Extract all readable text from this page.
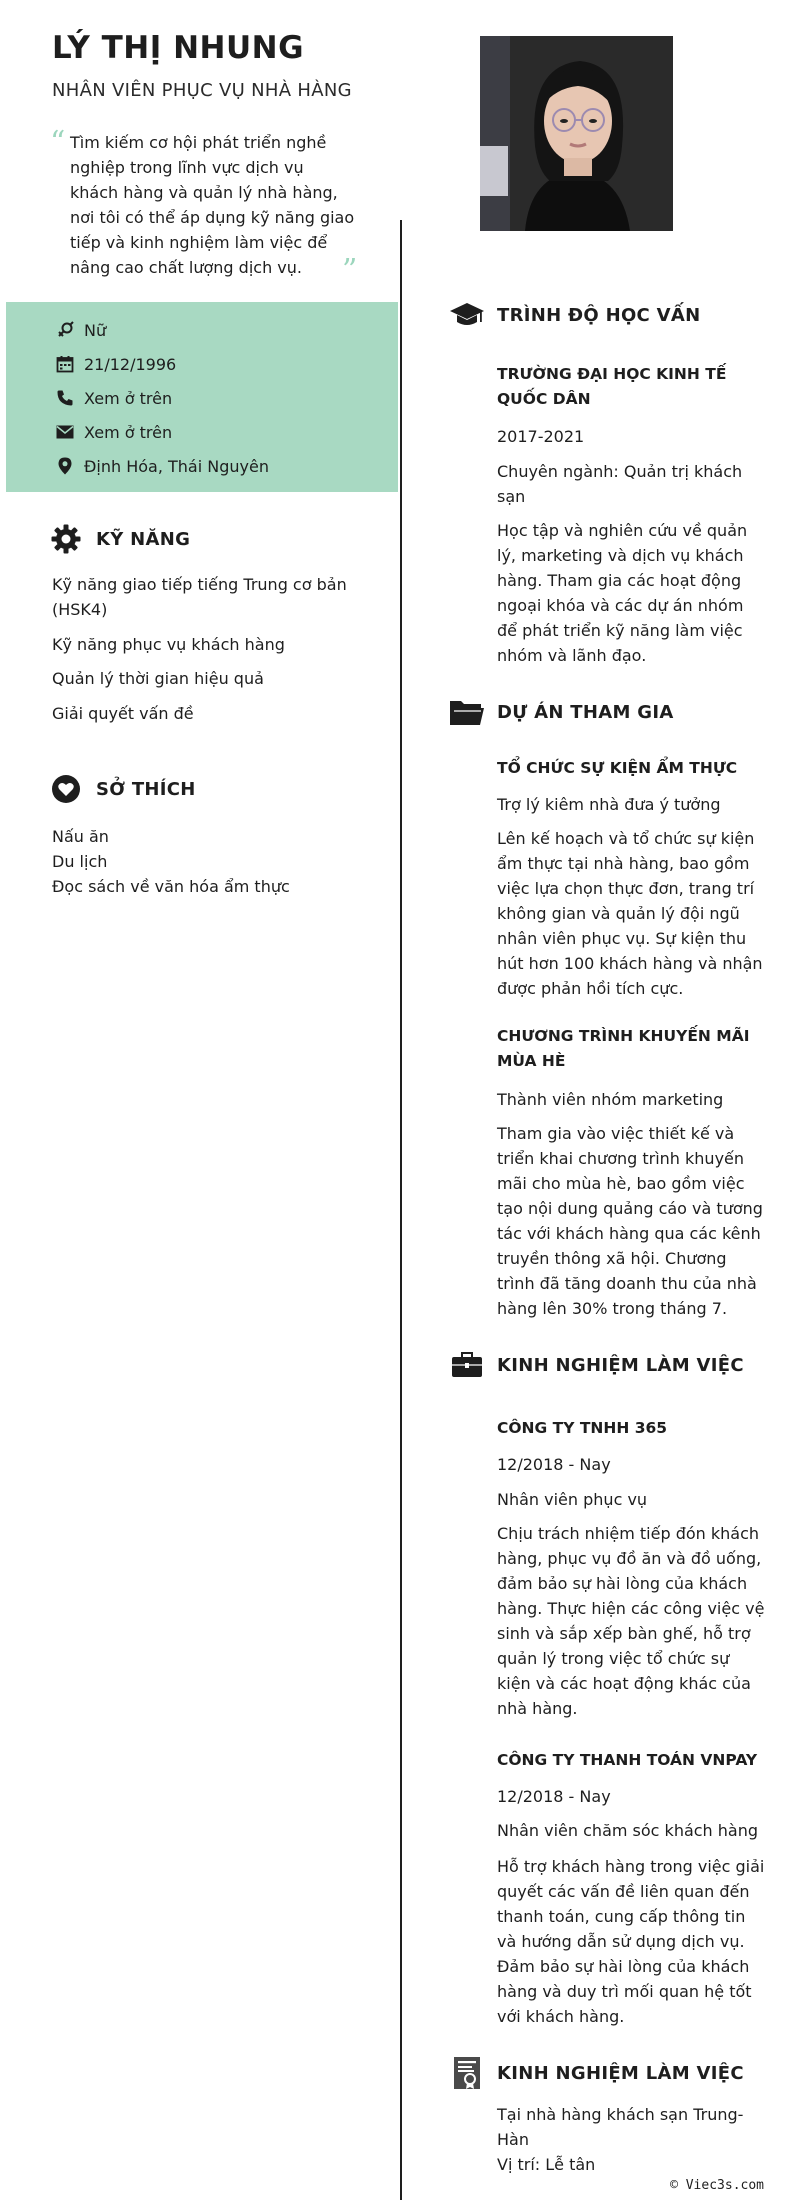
LÝ THỊ NHUNG
NHÂN VIÊN PHỤC VỤ NHÀ HÀNG
“ Tìm kiếm cơ hội phát triển nghề nghiệp trong lĩnh vực dịch vụ khách hàng và quản lý nhà hàng, nơi tôi có thể áp dụng kỹ năng giao tiếp và kinh nghiệm làm việc để nâng cao chất lượng dịch vụ.	”
Nữ
21/12/1996
Xem ở trên
Xem ở trên
Định Hóa, Thái Nguyên
KỸ NĂNG
Kỹ năng giao tiếp tiếng Trung cơ bản (HSK4)
Kỹ năng phục vụ khách hàng
Quản lý thời gian hiệu quả
Giải quyết vấn đề
SỞ THÍCH
Nấu ăn
Du lịch
Đọc sách về văn hóa ẩm thực
TRÌNH ĐỘ HỌC VẤN
TRƯỜNG ĐẠI HỌC KINH TẾ QUỐC DÂN
2017-2021
Chuyên ngành: Quản trị khách sạn
Học tập và nghiên cứu về quản lý, marketing và dịch vụ khách hàng. Tham gia các hoạt động ngoại khóa và các dự án nhóm để phát triển kỹ năng làm việc nhóm và lãnh đạo.
DỰ ÁN THAM GIA
TỔ CHỨC SỰ KIỆN ẨM THỰC
Trợ lý kiêm nhà đưa ý tưởng
Lên kế hoạch và tổ chức sự kiện ẩm thực tại nhà hàng, bao gồm việc lựa chọn thực đơn, trang trí không gian và quản lý đội ngũ nhân viên phục vụ. Sự kiện thu hút hơn 100 khách hàng và nhận được phản hồi tích cực.
CHƯƠNG TRÌNH KHUYẾN MÃI MÙA HÈ
Thành viên nhóm marketing
Tham gia vào việc thiết kế và triển khai chương trình khuyến mãi cho mùa hè, bao gồm việc tạo nội dung quảng cáo và tương tác với khách hàng qua các kênh truyền thông xã hội. Chương trình đã tăng doanh thu của nhà hàng lên 30% trong tháng 7.
KINH NGHIỆM LÀM VIỆC
CÔNG TY TNHH 365
12/2018 - Nay
Nhân viên phục vụ
Chịu trách nhiệm tiếp đón khách hàng, phục vụ đồ ăn và đồ uống, đảm bảo sự hài lòng của khách hàng. Thực hiện các công việc vệ sinh và sắp xếp bàn ghế, hỗ trợ quản lý trong việc tổ chức sự kiện và các hoạt động khác của nhà hàng.
CÔNG TY THANH TOÁN VNPAY
12/2018 - Nay
Nhân viên chăm sóc khách hàng
Hỗ trợ khách hàng trong việc giải quyết các vấn đề liên quan đến thanh toán, cung cấp thông tin và hướng dẫn sử dụng dịch vụ. Đảm bảo sự hài lòng của khách hàng và duy trì mối quan hệ tốt với khách hàng.
KINH NGHIỆM LÀM VIỆC
Tại nhà hàng khách sạn Trung-Hàn
Vị trí: Lễ tân
© Viec3s.com
